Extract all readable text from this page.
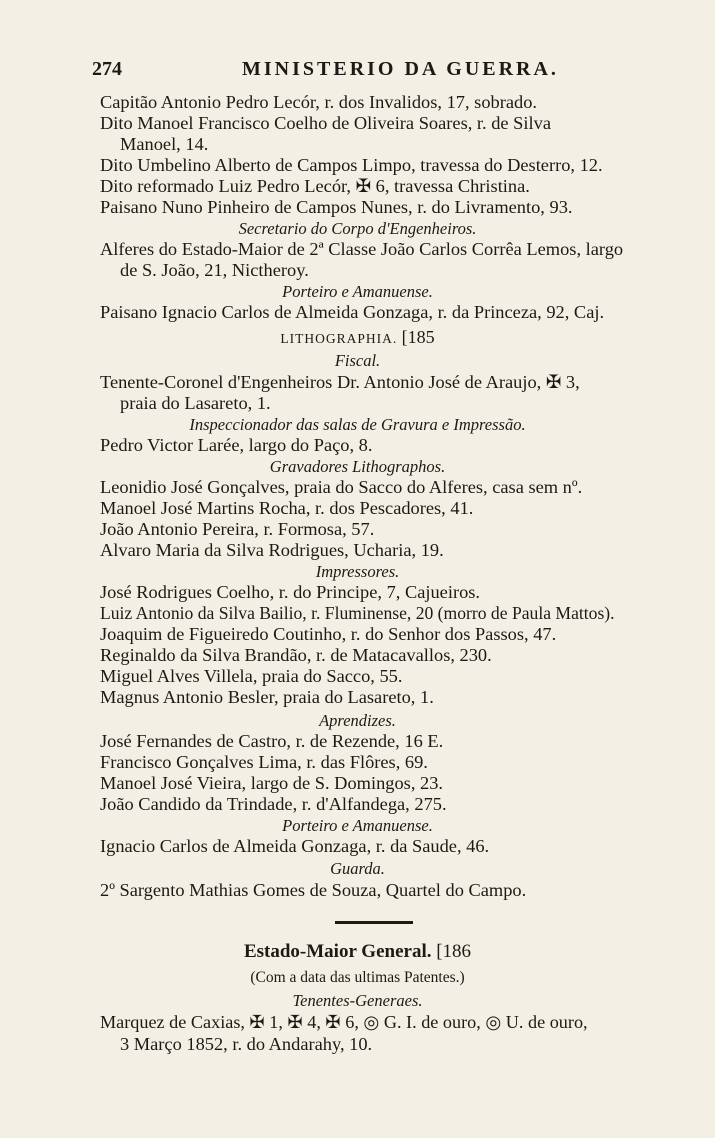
274	MINISTERIO DA GUERRA.
Capitão Antonio Pedro Lecór, r. dos Invalidos, 17, sobrado.
Dito Manoel Francisco Coelho de Oliveira Soares, r. de Silva
Manoel, 14.
Dito Umbelino Alberto de Campos Limpo, travessa do Desterro, 12.
Dito reformado Luiz Pedro Lecór, ✠ 6, travessa Christina.
Paisano Nuno Pinheiro de Campos Nunes, r. do Livramento, 93.
Secretario do Corpo d'Engenheiros.
Alferes do Estado-Maior de 2ª Classe João Carlos Corrêa Lemos, largo
de S. João, 21, Nictheroy.
Porteiro e Amanuense.
Paisano Ignacio Carlos de Almeida Gonzaga, r. da Princeza, 92, Caj.
LITHOGRAPHIA. [185
Fiscal.
Tenente-Coronel d'Engenheiros Dr. Antonio José de Araujo, ✠ 3,
praia do Lasareto, 1.
Inspeccionador das salas de Gravura e Impressão.
Pedro Victor Larée, largo do Paço, 8.
Gravadores Lithographos.
Leonidio José Gonçalves, praia do Sacco do Alferes, casa sem nº.
Manoel José Martins Rocha, r. dos Pescadores, 41.
João Antonio Pereira, r. Formosa, 57.
Alvaro Maria da Silva Rodrigues, Ucharia, 19.
Impressores.
José Rodrigues Coelho, r. do Principe, 7, Cajueiros.
Luiz Antonio da Silva Bailio, r. Fluminense, 20 (morro de Paula Mattos).
Joaquim de Figueiredo Coutinho, r. do Senhor dos Passos, 47.
Reginaldo da Silva Brandão, r. de Matacavallos, 230.
Miguel Alves Villela, praia do Sacco, 55.
Magnus Antonio Besler, praia do Lasareto, 1.
Aprendizes.
José Fernandes de Castro, r. de Rezende, 16 E.
Francisco Gonçalves Lima, r. das Flôres, 69.
Manoel José Vieira, largo de S. Domingos, 23.
João Candido da Trindade, r. d'Alfandega, 275.
Porteiro e Amanuense.
Ignacio Carlos de Almeida Gonzaga, r. da Saude, 46.
Guarda.
2º Sargento Mathias Gomes de Souza, Quartel do Campo.
Estado-Maior General. [186
(Com a data das ultimas Patentes.)
Tenentes-Generaes.
Marquez de Caxias, ✠ 1, ✠ 4, ✠ 6, ◎ G. I. de ouro, ◎ U. de ouro,
3 Março 1852, r. do Andarahy, 10.
